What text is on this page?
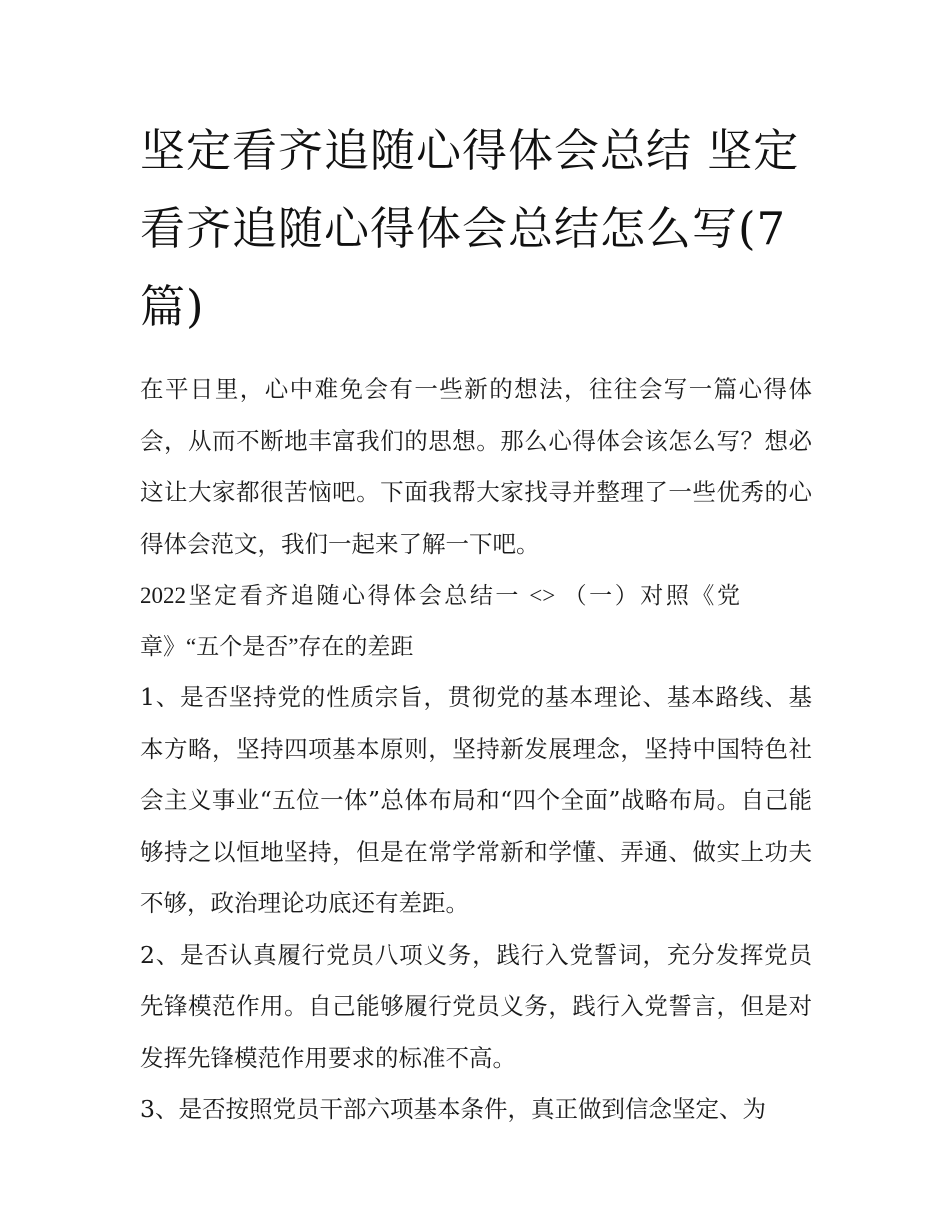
坚定看齐追随心得体会总结 坚定看齐追随心得体会总结怎么写(7篇)

在平日里，心中难免会有一些新的想法，往往会写一篇心得体会，从而不断地丰富我们的思想。那么心得体会该怎么写？想必这让大家都很苦恼吧。下面我帮大家找寻并整理了一些优秀的心得体会范文，我们一起来了解一下吧。

2022坚定看齐追随心得体会总结一 <> （一）对照《党章》“五个是否”存在的差距

1、是否坚持党的性质宗旨，贯彻党的基本理论、基本路线、基本方略，坚持四项基本原则，坚持新发展理念，坚持中国特色社会主义事业“五位一体”总体布局和“四个全面”战略布局。自己能够持之以恒地坚持，但是在常学常新和学懂、弄通、做实上功夫不够，政治理论功底还有差距。

2、是否认真履行党员八项义务，践行入党誓词，充分发挥党员先锋模范作用。自己能够履行党员义务，践行入党誓言，但是对发挥先锋模范作用要求的标准不高。

3、是否按照党员干部六项基本条件，真正做到信念坚定、为
